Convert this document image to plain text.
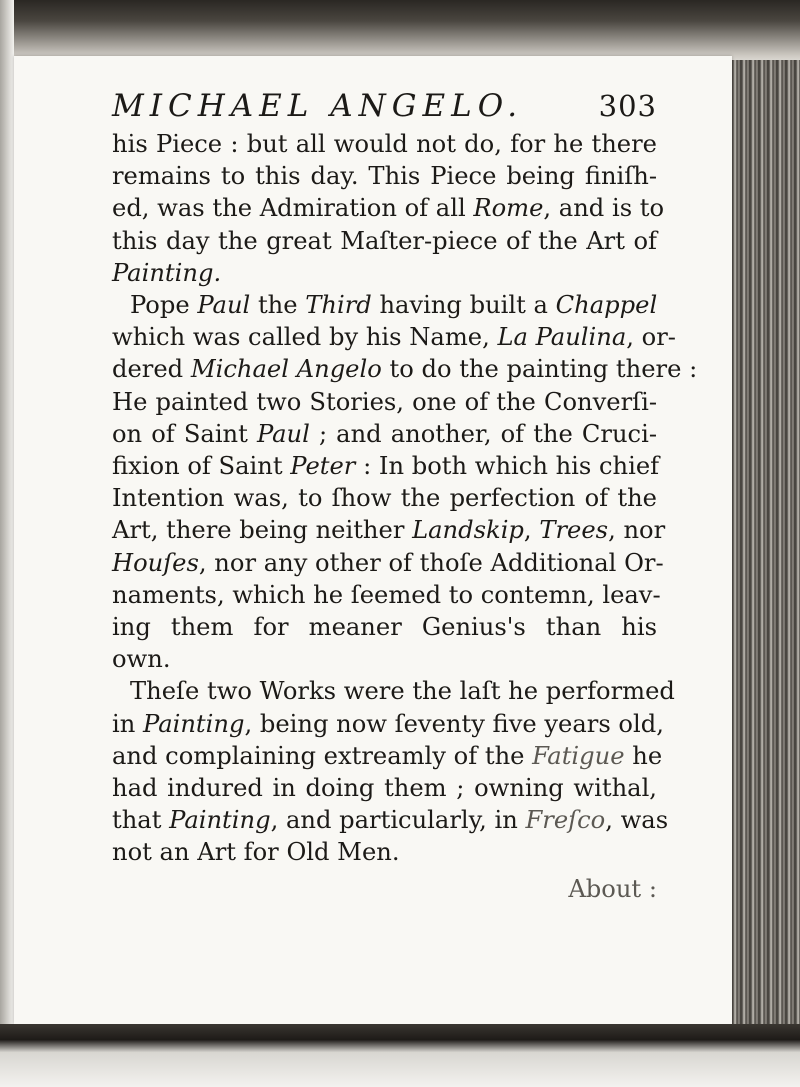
MICHAEL ANGELO.	303
his Piece : but all would not do, for he there
remains to this day. This Piece being finiſh-
ed, was the Admiration of all Rome, and is to
this day the great Maſter-piece of the Art of
Painting.
Pope Paul the Third having built a Chappel
which was called by his Name, La Paulina, or-
dered Michael Angelo to do the painting there :
He painted two Stories, one of the Converſi-
on of Saint Paul ; and another, of the Cruci-
fixion of Saint Peter : In both which his chief
Intention was, to ſhow the perfection of the
Art, there being neither Landskip, Trees, nor
Houſes, nor any other of thoſe Additional Or-
naments, which he ſeemed to contemn, leav-
ing them for meaner Genius's than his
own.
Theſe two Works were the laſt he performed
in Painting, being now ſeventy five years old,
and complaining extreamly of the Fatigue he
had indured in doing them ; owning withal,
that Painting, and particularly, in Freſco, was
not an Art for Old Men.
About :
